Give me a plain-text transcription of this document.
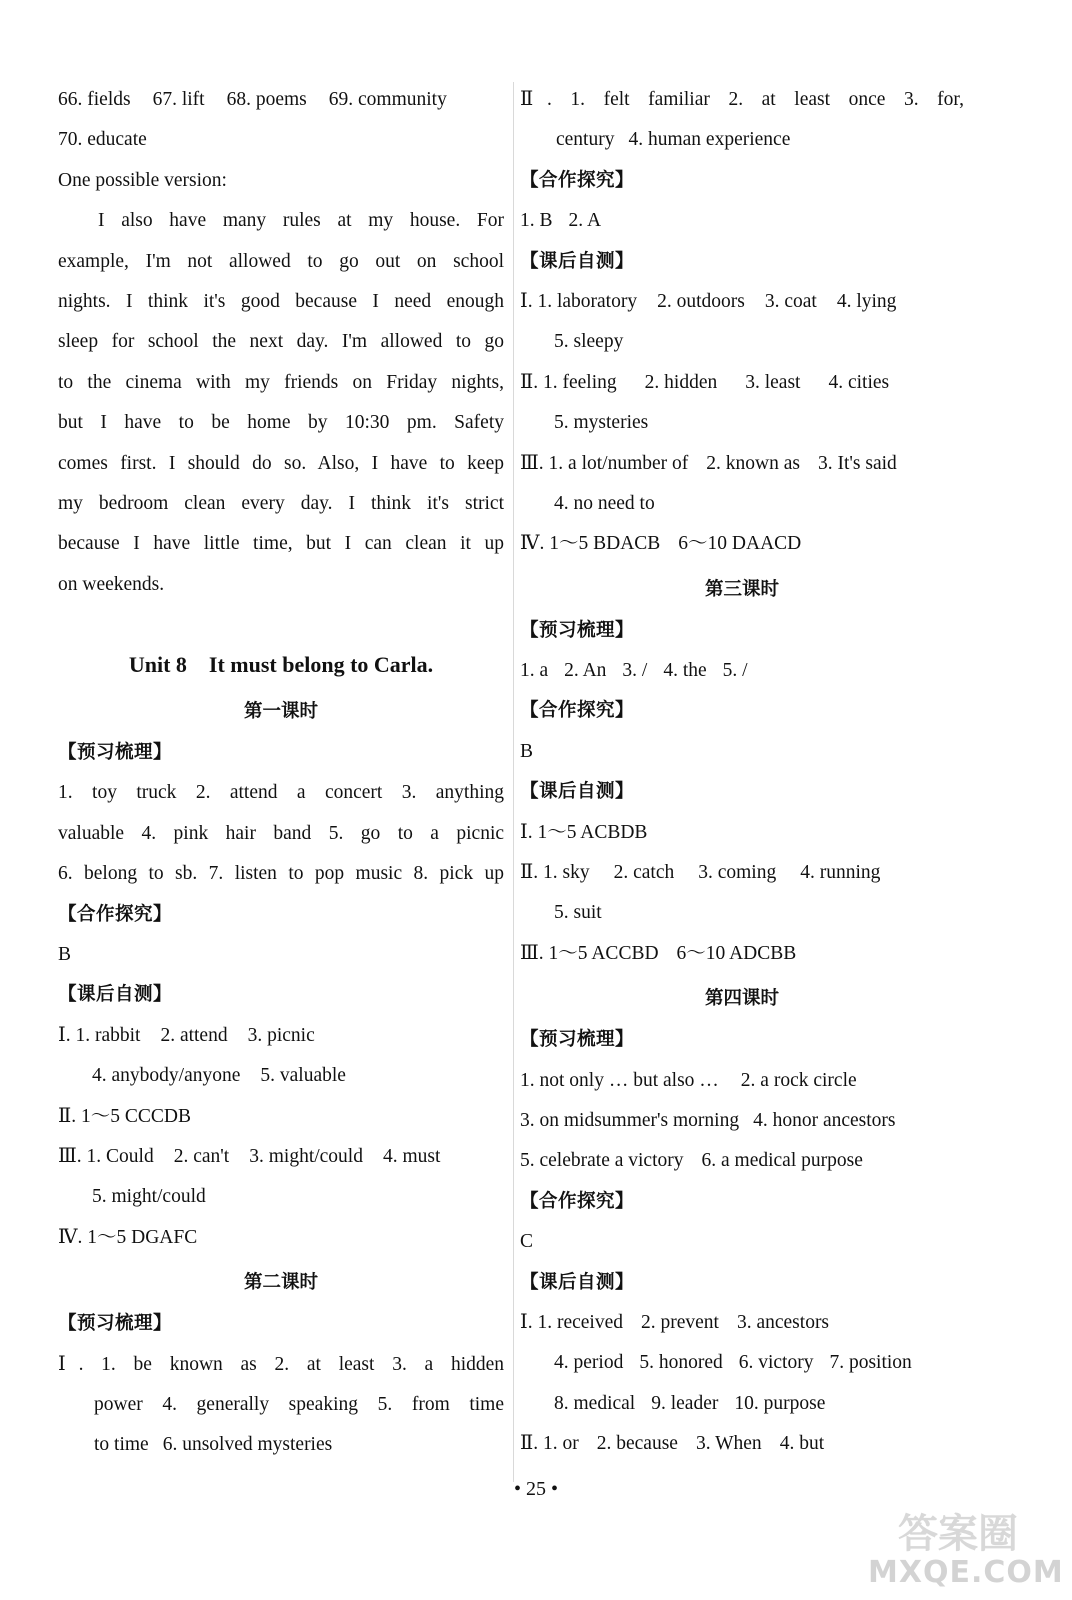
66. fields 67. lift 68. poems 69. community
70. educate
One possible version:
I also have many rules at my house. For
example, I'm not allowed to go out on school
nights. I think it's good because I need enough
sleep for school the next day. I'm allowed to go
to the cinema with my friends on Friday nights,
but I have to be home by 10:30 pm. Safety
comes first. I should do so. Also, I have to keep
my bedroom clean every day. I think it's strict
because I have little time, but I can clean it up
on weekends.
Unit 8 It must belong to Carla.
第一课时
【预习梳理】
1. toy truck 2. attend a concert 3. anything
valuable 4. pink hair band 5. go to a picnic
6. belong to sb. 7. listen to pop music 8. pick up
【合作探究】
B
【课后自测】
Ⅰ. 1. rabbit 2. attend 3. picnic
4. anybody/anyone 5. valuable
Ⅱ. 1～5 CCCDB
Ⅲ. 1. Could 2. can't 3. might/could 4. must
5. might/could
Ⅳ. 1～5 DGAFC
第二课时
【预习梳理】
Ⅰ. 1. be known as 2. at least 3. a hidden
power 4. generally speaking 5. from time
to time 6. unsolved mysteries
Ⅱ. 1. felt familiar 2. at least once 3. for,
century 4. human experience
【合作探究】
1. B 2. A
【课后自测】
Ⅰ. 1. laboratory 2. outdoors 3. coat 4. lying
5. sleepy
Ⅱ. 1. feeling 2. hidden 3. least 4. cities
5. mysteries
Ⅲ. 1. a lot/number of 2. known as 3. It's said
4. no need to
Ⅳ. 1～5 BDACB 6～10 DAACD
第三课时
【预习梳理】
1. a 2. An 3. / 4. the 5. /
【合作探究】
B
【课后自测】
Ⅰ. 1～5 ACBDB
Ⅱ. 1. sky 2. catch 3. coming 4. running
5. suit
Ⅲ. 1～5 ACCBD 6～10 ADCBB
第四课时
【预习梳理】
1. not only … but also … 2. a rock circle
3. on midsummer's morning 4. honor ancestors
5. celebrate a victory 6. a medical purpose
【合作探究】
C
【课后自测】
Ⅰ. 1. received 2. prevent 3. ancestors
4. period 5. honored 6. victory 7. position
8. medical 9. leader 10. purpose
Ⅱ. 1. or 2. because 3. When 4. but
• 25 •
答案圈
MXQE.COM
